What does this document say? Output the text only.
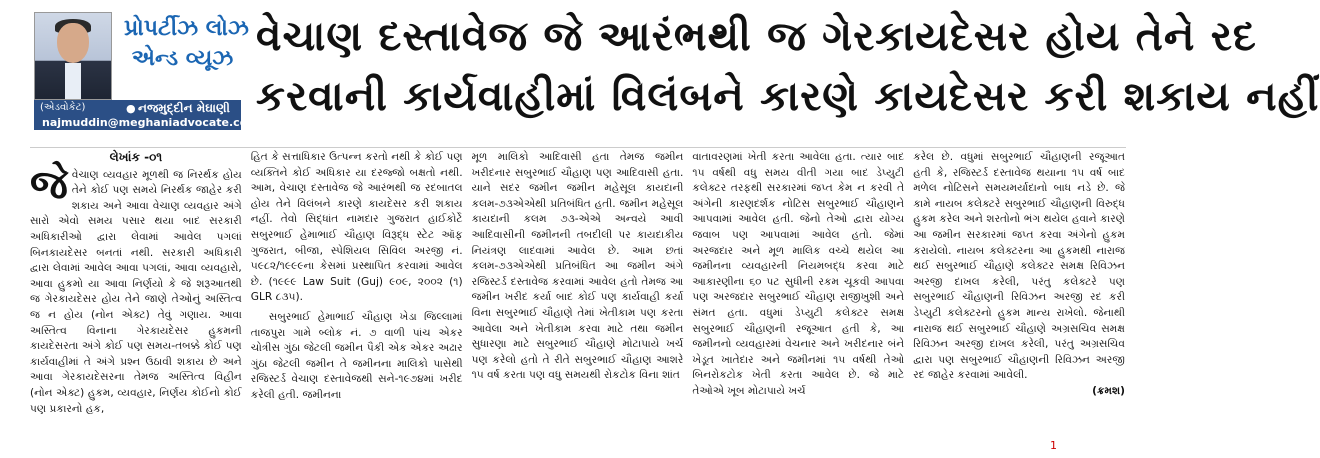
પ્રોપર્ટીઝ લોઝ
એન્ડ વ્યૂઝ
(એડવોકેટ)	● નજમુદ્દીન મેઘાણી
najmuddin@meghaniadvocate.com
વેચાણ દસ્તાવેજ જે આરંભથી જ ગેરકાયદેસર હોય તેને રદ
કરવાની કાર્યવાહીમાં વિલંબને કારણે કાયદેસર કરી શકાય નહીં
લેખાંક -૦૧

જેવેચાણ વ્યવહાર મૂળથી જ નિરર્થક હોય તેને કોઈ પણ સમયે નિરર્થક જાહેર કરી શકાય અને આવા વેચાણ વ્યવહાર અંગે સારો એવો સમય પસાર થયા બાદ સરકારી અધિકારીઓ દ્વારા લેવામાં આવેલ પગલાં બિનકાયદેસર બનતાં નથી. સરકારી અધિકારી દ્વારા લેવામાં આવેલ આવા પગલાં, આવા વ્યવહારો, આવા હુકમો યા આવા નિર્ણયો કે જે શરૂઆતથી જ ગેરકાયદેસર હોય તેને જાણે તેઓનું અસ્તિત્વ જ ન હોય (નોન એક્ટ) તેવું ગણાય. આવા અસ્તિત્વ વિનાના ગેરકાયદેસર હુકમની કાયદેસરતા અંગે કોઈ પણ સમય-તબક્કે કોઈ પણ કાર્યવાહીમાં તે અંગે પ્રશ્ન ઉઠાવી શકાય છે અને આવા ગેરકાયદેસરના તેમજ અસ્તિત્વ વિહીન (નોન એક્ટ) હુકમ, વ્યવહાર, નિર્ણય કોઈનો કોઈ પણ પ્રકારનો હક,

હિત કે સત્તાધિકાર ઉત્પન્ન કરતો નથી કે કોઈ પણ વ્યક્તિને કોઈ અધિકાર યા દરજ્જો બક્ષતો નથી. આમ, વેચાણ દસ્તાવેજ જે આરંભથી જ રદબાતલ હોય તેને વિલંબને કારણે કાયદેસર કરી શકાય નહીં. તેવો સિદ્ધાંત નામદાર ગુજરાત હાઈકોર્ટે સબુરભાઈ હેમાભાઈ ચૌહાણ વિરૂદ્ધ સ્ટેટ ઑફ ગુજરાત, બીજા, સ્પેશિયલ સિવિલ અરજી નં. ૫૯૮૨/૧૯૯૯ના કેસમાં પ્રસ્થાપિત કરવામાં આવેલ છે. (૧૯૯૯ Law Suit (Guj) ૯૦૯, ૨૦૦૨ (૧) GLR ૮૩૫).

સબુરભાઈ હેમાભાઈ ચૌહાણ ખેડા જિલ્લામાં તાજપુરા ગામે બ્લોક નં. ૭ વાળી પાંચ એકર ચોત્રીસ ગુંઠા જેટલી જમીન પૈકી એક એકર અઢાર ગુંઠા જેટલી જમીન તે જમીનના માલિકો પાસેથી રજિસ્ટર્ડ વેચાણ દસ્તાવેજથી સને-૧૯૭૪માં ખરીદ કરેલી હતી. જમીનના

મૂળ માલિકો આદિવાસી હતા તેમજ જમીન ખરીદનાર સબુરભાઈ ચૌહાણ પણ આદિવાસી હતા. યાને સદર જમીન જમીન મહેસૂલ કાયદાની કલમ-૭૩એએથી પ્રતિબંધિત હતી. જમીન મહેસૂલ કાયદાની કલમ ૭૩-એએ અન્વયે આવી આદિવાસીની જમીનની તબદીલી પર કાયદાકીય નિયંત્રણ લાદવામાં આવેલ છે. આમ છતાં કલમ-૭૩એએથી પ્રતિબંધિત આ જમીન અંગે રજિસ્ટર્ડ દસ્તાવેજ કરવામાં આવેલ હતો તેમજ આ જમીન ખરીદ કર્યા બાદ કોઈ પણ કાર્યવાહી કર્યા વિના સબુરભાઈ ચૌહાણે તેમાં ખેતીકામ પણ કરતા આવેલા અને ખેતીકામ કરવા માટે તથા જમીન સુધારણા માટે સબુરભાઈ ચૌહાણે મોટાપાયે ખર્ચ પણ કરેલો હતો તે રીતે સબુરભાઈ ચૌહાણ આશરે ૧૫ વર્ષ કરતા પણ વધુ સમયથી રોકટોક વિના શાંત

વાતાવરણમાં ખેતી કરતા આવેલા હતા. ત્યાર બાદ ૧૫ વર્ષથી વધુ સમય વીતી ગયા બાદ ડેપ્યુટી કલેક્ટર તરફથી સરકારમાં જપ્ત કેમ ન કરવી તે અંગેની કારણદર્શક નોટિસ સબુરભાઈ ચૌહાણને આપવામાં આવેલ હતી. જેનો તેઓ દ્વારા યોગ્ય જવાબ પણ આપવામાં આવેલ હતો. જેમાં અરજદાર અને મૂળ માલિક વચ્ચે થયેલ આ જમીનના વ્યવહારની નિયમબદ્ધ કરવા માટે આકારણીના ૬૦ પટ સુધીની રકમ ચૂકવી આપવા પણ અરજદાર સબુરભાઈ ચૌહાણ રાજીખુશી અને સંમત હતા. વધુમાં ડેપ્યુટી કલેક્ટર સમક્ષ સબુરભાઈ ચૌહાણની રજૂઆત હતી કે, આ જમીનનો વ્યવહારમાં વેચનાર અને ખરીદનાર બંને ખેડૂત ખાતેદાર અને જમીનમાં ૧૫ વર્ષથી તેઓ બિનરોકટોક ખેતી કરતા આવેલ છે. જે માટે તેઓએ ખૂબ મોટાપાયે ખર્ચ

કરેલ છે. વધુમાં સબુરભાઈ ચૌહાણની રજૂઆત હતી કે, રજિસ્ટર્ડ દસ્તાવેજ થયાના ૧૫ વર્ષ બાદ મળેલ નોટિસને સમયમર્યાદાનો બાધ નડે છે. જે કામે નાયબ કલેક્ટરે સબુરભાઈ ચૌહાણની વિરુદ્ધ હુકમ કરેલ અને શરતોનો ભંગ થયેલ હવાને કારણે આ જમીન સરકારમાં જપ્ત કરવા અંગેનો હુકમ કરાયેલો. નાયબ કલેક્ટરના આ હુકમથી નારાજ થઈ સબુરભાઈ ચૌહાણે કલેક્ટર સમક્ષ રિવિઝન અરજી દાખલ કરેલી, પરંતુ કલેક્ટરે પણ સબુરભાઈ ચૌહાણની રિવિઝન અરજી રદ કરી ડેપ્યુટી કલેક્ટરનો હુકમ માન્ય રાખેલો. જેનાથી નારાજ થઈ સબુરભાઈ ચૌહાણે અગ્રસચિવ સમક્ષ રિવિઝન અરજી દાખલ કરેલી, પરંતુ અગ્રસચિવ દ્વારા પણ સબુરભાઈ ચૌહાણની રિવિઝન અરજી રદ જાહેર કરવામાં આવેલી.

(ક્રમશ)
1
